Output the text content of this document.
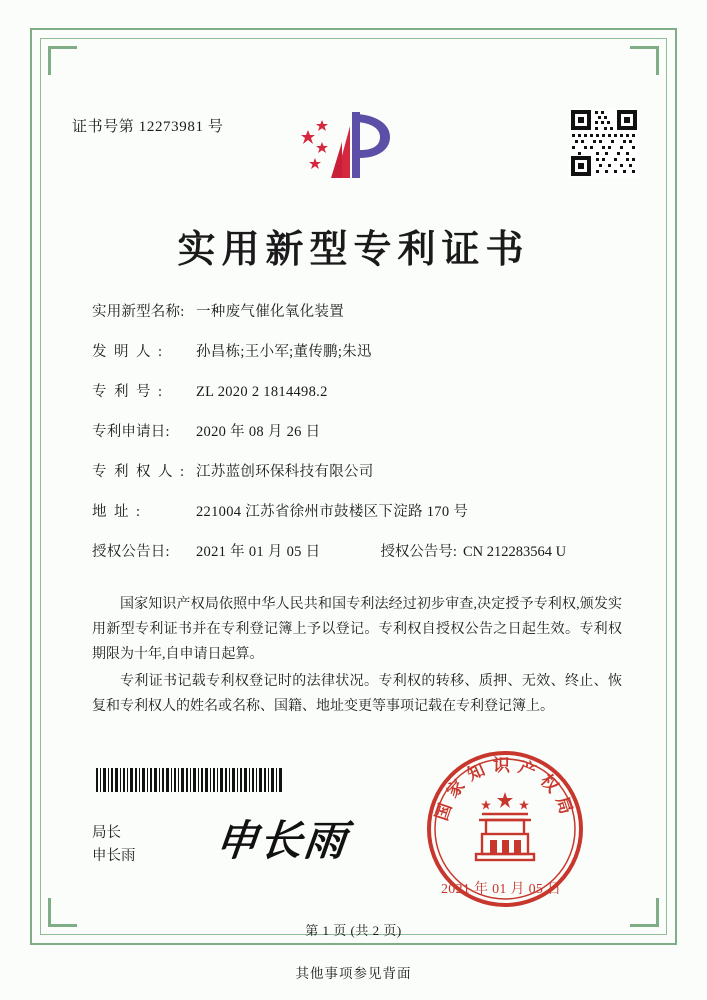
证书号第 12273981 号
实用新型专利证书
实用新型名称: 一种废气催化氧化装置
发明人:	孙昌栋;王小军;董传鹏;朱迅
专利号:	ZL 2020 2 1814498.2
专利申请日:	2020 年 08 月 26 日
专利权人: 江苏蓝创环保科技有限公司
地址:	221004 江苏省徐州市鼓楼区下淀路 170 号
授权公告日:	2021 年 01 月 05 日	授权公告号: CN 212283564 U

国家知识产权局依照中华人民共和国专利法经过初步审查,决定授予专利权,颁发实用新型专利证书并在专利登记簿上予以登记。专利权自授权公告之日起生效。专利权期限为十年,自申请日起算。

专利证书记载专利权登记时的法律状况。专利权的转移、质押、无效、终止、恢复和专利权人的姓名或名称、国籍、地址变更等事项记载在专利登记簿上。

局长
申长雨 申长雨
国家知识产权局
2021 年 01 月 05 日
第 1 页 (共 2 页)
其他事项参见背面
